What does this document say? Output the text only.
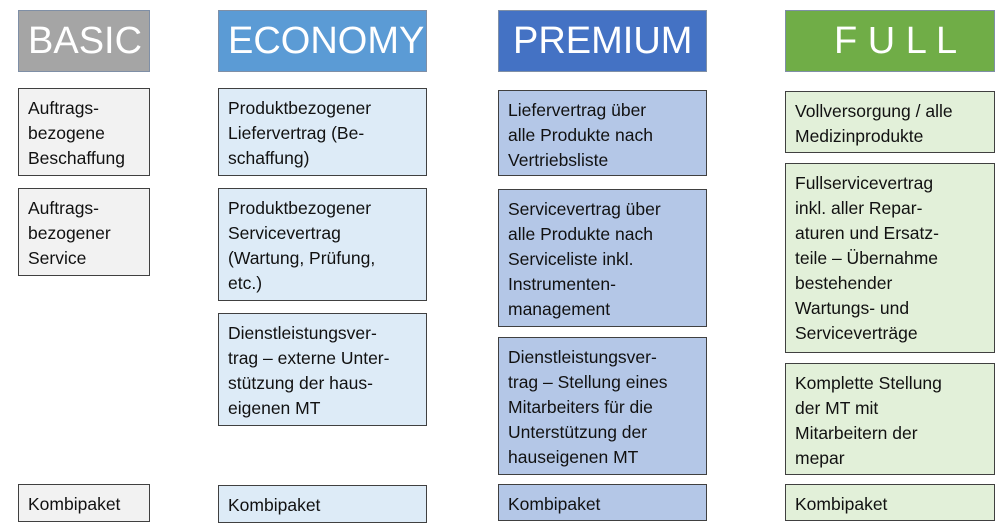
BASIC ECONOMY PREMIUM	F U L L
Auftrags-
bezogene
Beschaffung
Auftrags-
bezogener
Service
Kombipaket
Produktbezogener
Liefervertrag (Be-
schaffung)
Produktbezogener
Servicevertrag
(Wartung, Prüfung,
etc.)
Dienstleistungsver-
trag – externe Unter-
stützung der haus-
eigenen MT
Kombipaket
Liefervertrag über
alle Produkte nach
Vertriebsliste
Servicevertrag über
alle Produkte nach
Serviceliste inkl.
Instrumenten-
management
Dienstleistungsver-
trag – Stellung eines
Mitarbeiters für die
Unterstützung der
hauseigenen MT
Kombipaket
Vollversorgung / alle
Medizinprodukte
Fullservicevertrag
inkl. aller Repar-
aturen und Ersatz-
teile – Übernahme
bestehender
Wartungs- und
Serviceverträge
Komplette Stellung
der MT mit
Mitarbeitern der
mepar
Kombipaket
